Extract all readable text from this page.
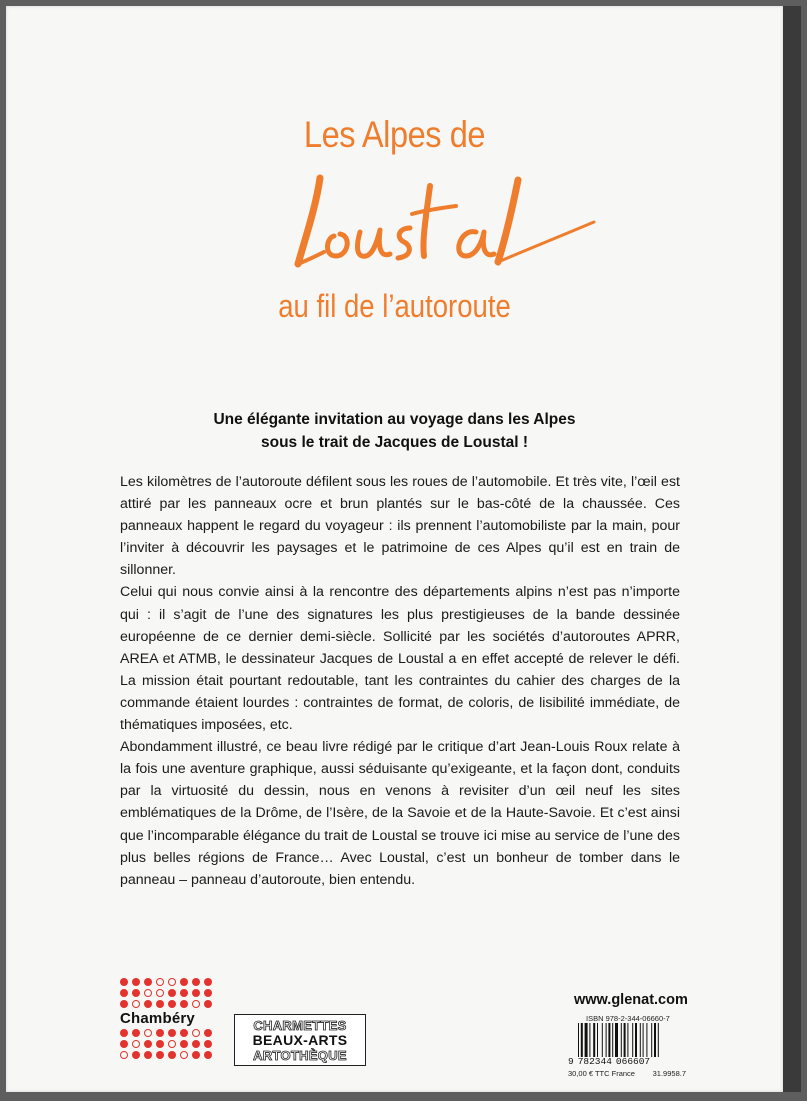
Les Alpes de
au fil de l’autoroute
Une élégante invitation au voyage dans les Alpes
sous le trait de Jacques de Loustal !

Les kilomètres de l’autoroute défilent sous les roues de l’automobile. Et très vite, l’œil est attiré par les panneaux ocre et brun plantés sur le bas-côté de la chaussée. Ces panneaux happent le regard du voyageur : ils prennent l’automobiliste par la main, pour l’inviter à découvrir les paysages et le patrimoine de ces Alpes qu’il est en train de sillonner.

Celui qui nous convie ainsi à la rencontre des départements alpins n’est pas n’importe qui : il s’agit de l’une des signatures les plus prestigieuses de la bande dessinée européenne de ce dernier demi-siècle. Sollicité par les sociétés d’autoroutes APRR, AREA et ATMB, le dessinateur Jacques de Loustal a en effet accepté de relever le défi. La mission était pourtant redoutable, tant les contraintes du cahier des charges de la commande étaient lourdes : contraintes de format, de coloris, de lisibilité immédiate, de thématiques imposées, etc.

Abondamment illustré, ce beau livre rédigé par le critique d’art Jean-Louis Roux relate à la fois une aventure graphique, aussi séduisante qu’exigeante, et la façon dont, conduits par la virtuosité du dessin, nous en venons à revisiter d’un œil neuf les sites emblématiques de la Drôme, de l’Isère, de la Savoie et de la Haute-Savoie. Et c’est ainsi que l’incomparable élégance du trait de Loustal se trouve ici mise au service de l’une des plus belles régions de France… Avec Loustal, c’est un bonheur de tomber dans le panneau – panneau d’autoroute, bien entendu.

Chambéry	CHARMETTES
BEAUX-ARTS
ARTOTHÈQUE
www.glenat.com
ISBN 978-2-344-06660-7
9 782344 066607
30,00 € TTC France 31.9958.7
